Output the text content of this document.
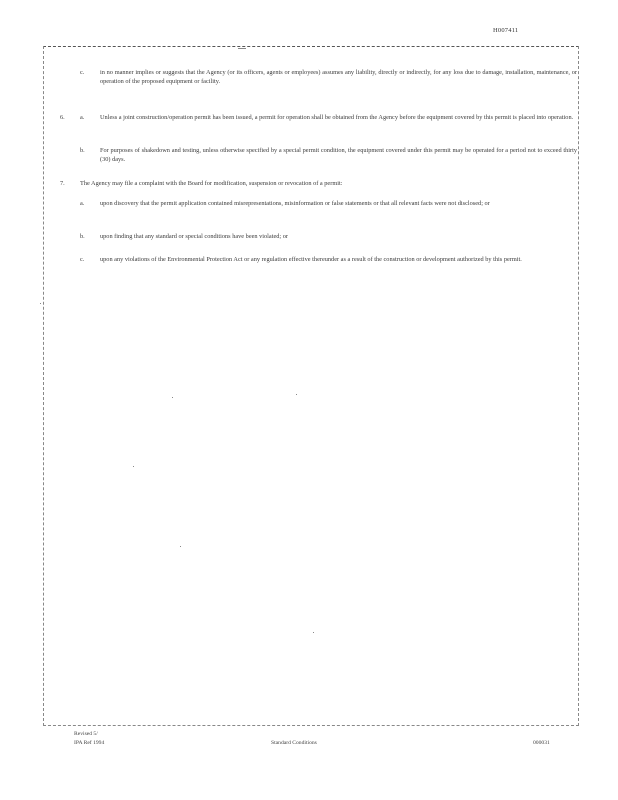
H007411
c. in no manner implies or suggests that the Agency (or its officers, agents or employees) assumes any liability, directly or indirectly, for any loss due to damage, installation, maintenance, or operation of the proposed equipment or facility.
6. a. Unless a joint construction/operation permit has been issued, a permit for operation shall be obtained from the Agency before the equipment covered by this permit is placed into operation.
b. For purposes of shakedown and testing, unless otherwise specified by a special permit condition, the equipment covered under this permit may be operated for a period not to exceed thirty (30) days.
7. The Agency may file a complaint with the Board for modification, suspension or revocation of a permit:
a. upon discovery that the permit application contained misrepresentations, misinformation or false statements or that all relevant facts were not disclosed; or
b. upon finding that any standard or special conditions have been violated; or
c. upon any violations of the Environmental Protection Act or any regulation effective thereunder as a result of the construction or development authorized by this permit.
Revised 5/
IPA Ref 1994	Standard Conditions	000031
